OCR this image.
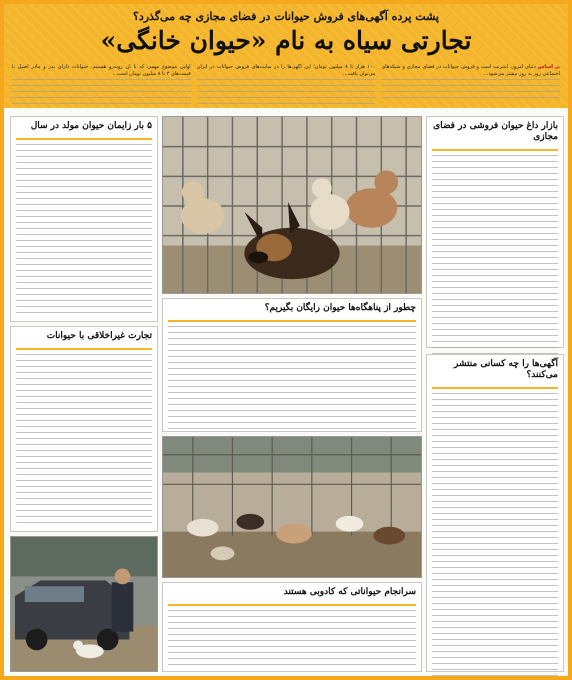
پشت پرده آگهی‌های فروش حیوانات در فضای مجازی چه می‌گذرد؟
تجارتی سیاه به نام «حیوان خانگی»
بر اساس دنیای امروز، اینترنت است و فروش حیوانات در فضای مجازی و شبکه‌های اجتماعی روز به روز بیشتر می‌شود...
۱۰۰ هزار تا ۸ میلیون تومان؛ این آگهی‌ها را در سایت‌های فروش حیوانات در ایران می‌توان یافت...
اولین موضوع مهمی که با آن روبه‌رو هستیم، حیوانات دارای پدر و مادر اصیل با قیمت‌های ٣ تا ٨ میلیون تومان است...
بازار داغ حیوان فروشی در فضای مجازی
آگهی‌ها را چه کسانی منتشر می‌کنند؟
۵ بار زایمان حیوان مولد در سال
تجارت غیراخلاقی با حیوانات
چطور از پناهگاه‌ها حیوان رایگان بگیریم؟
سرانجام حیواناتی که کادوبی هستند
